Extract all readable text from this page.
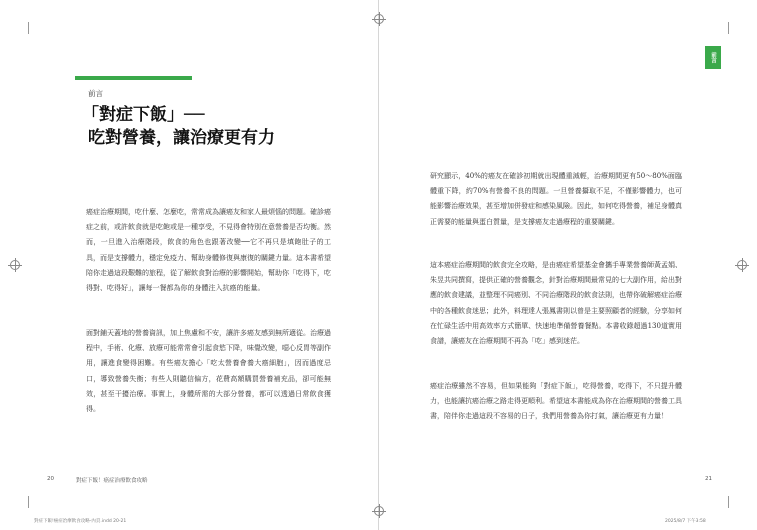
前言
「對症下飯」──
吃對營養，讓治療更有力

癌症治療期間，吃什麼、怎麼吃，常常成為讓癌友和家人最煩惱的問題。確診癌症之前，或許飲食就是吃飽或是一種享受，不見得會特別在意營養是否均衡。然而，一旦進入治療階段，飲食的角色也跟著改變──它不再只是填飽肚子的工具，而是支撐體力，穩定免疫力、幫助身體修復與康復的關鍵力量。這本書希望陪你走過這段艱難的旅程，從了解飲食對治療的影響開始，幫助你「吃得下，吃得對、吃得好」，讓每一餐都為你的身體注入抗癌的能量。

面對鋪天蓋地的營養資訊，加上焦慮和不安，讓許多癌友感到無所適從。治療過程中，手術、化療、放療可能常常會引起食慾下降，味覺改變，噁心反胃等副作用，讓進食變得困難。有些癌友擔心「吃太營養會養大癌細胞」，因而過度忌口，導致營養失衡；有些人則聽信偏方，花費高額購買營養補充品，卻可能無效，甚至干擾治療。事實上，身體所需的大部分營養，都可以透過日常飲食獲得。

前言

研究顯示，40%的癌友在確診初期就出現體重減輕，治療期間更有50～80%面臨體重下降，約70%有營養不良的問題。一旦營養攝取不足，不僅影響體力，也可能影響治療效果，甚至增加併發症和感染風險。因此，如何吃得營養，補足身體真正需要的能量與蛋白質量，是支撐癌友走過療程的重要關鍵。

這本癌症治療期間的飲食完全攻略，是由癌症希望基金會攜手專業營養師黃孟娟、朱昱共同撰寫，提供正確的營養觀念，針對治療期間最常見的七大副作用，給出對應的飲食建議，並整理不同癌別、不同治療階段的飲食法則，也帶你破解癌症治療中的各種飲食迷思；此外，料理達人張鳳書則以曾是主要照顧者的經驗，分享如何在忙碌生活中用高效率方式簡單、快速地準備營養餐點。本書收錄超過130道實用食譜，讓癌友在治療期間不再為「吃」感到迷茫。

癌症治療雖然不容易，但如果能夠「對症下飯」，吃得營養，吃得下，不只提升體力，也能讓抗癌治療之路走得更順利。希望這本書能成為你在治療期間的營養工具書，陪伴你走過這段不容易的日子，我們用營養為你打氣，讓治療更有力量！

20	對症下飯！癌症治療飲食攻略	21
對症下飯!癌症治療飲食攻略-內頁.indd 20-21	2025/8/7 下午3:58
